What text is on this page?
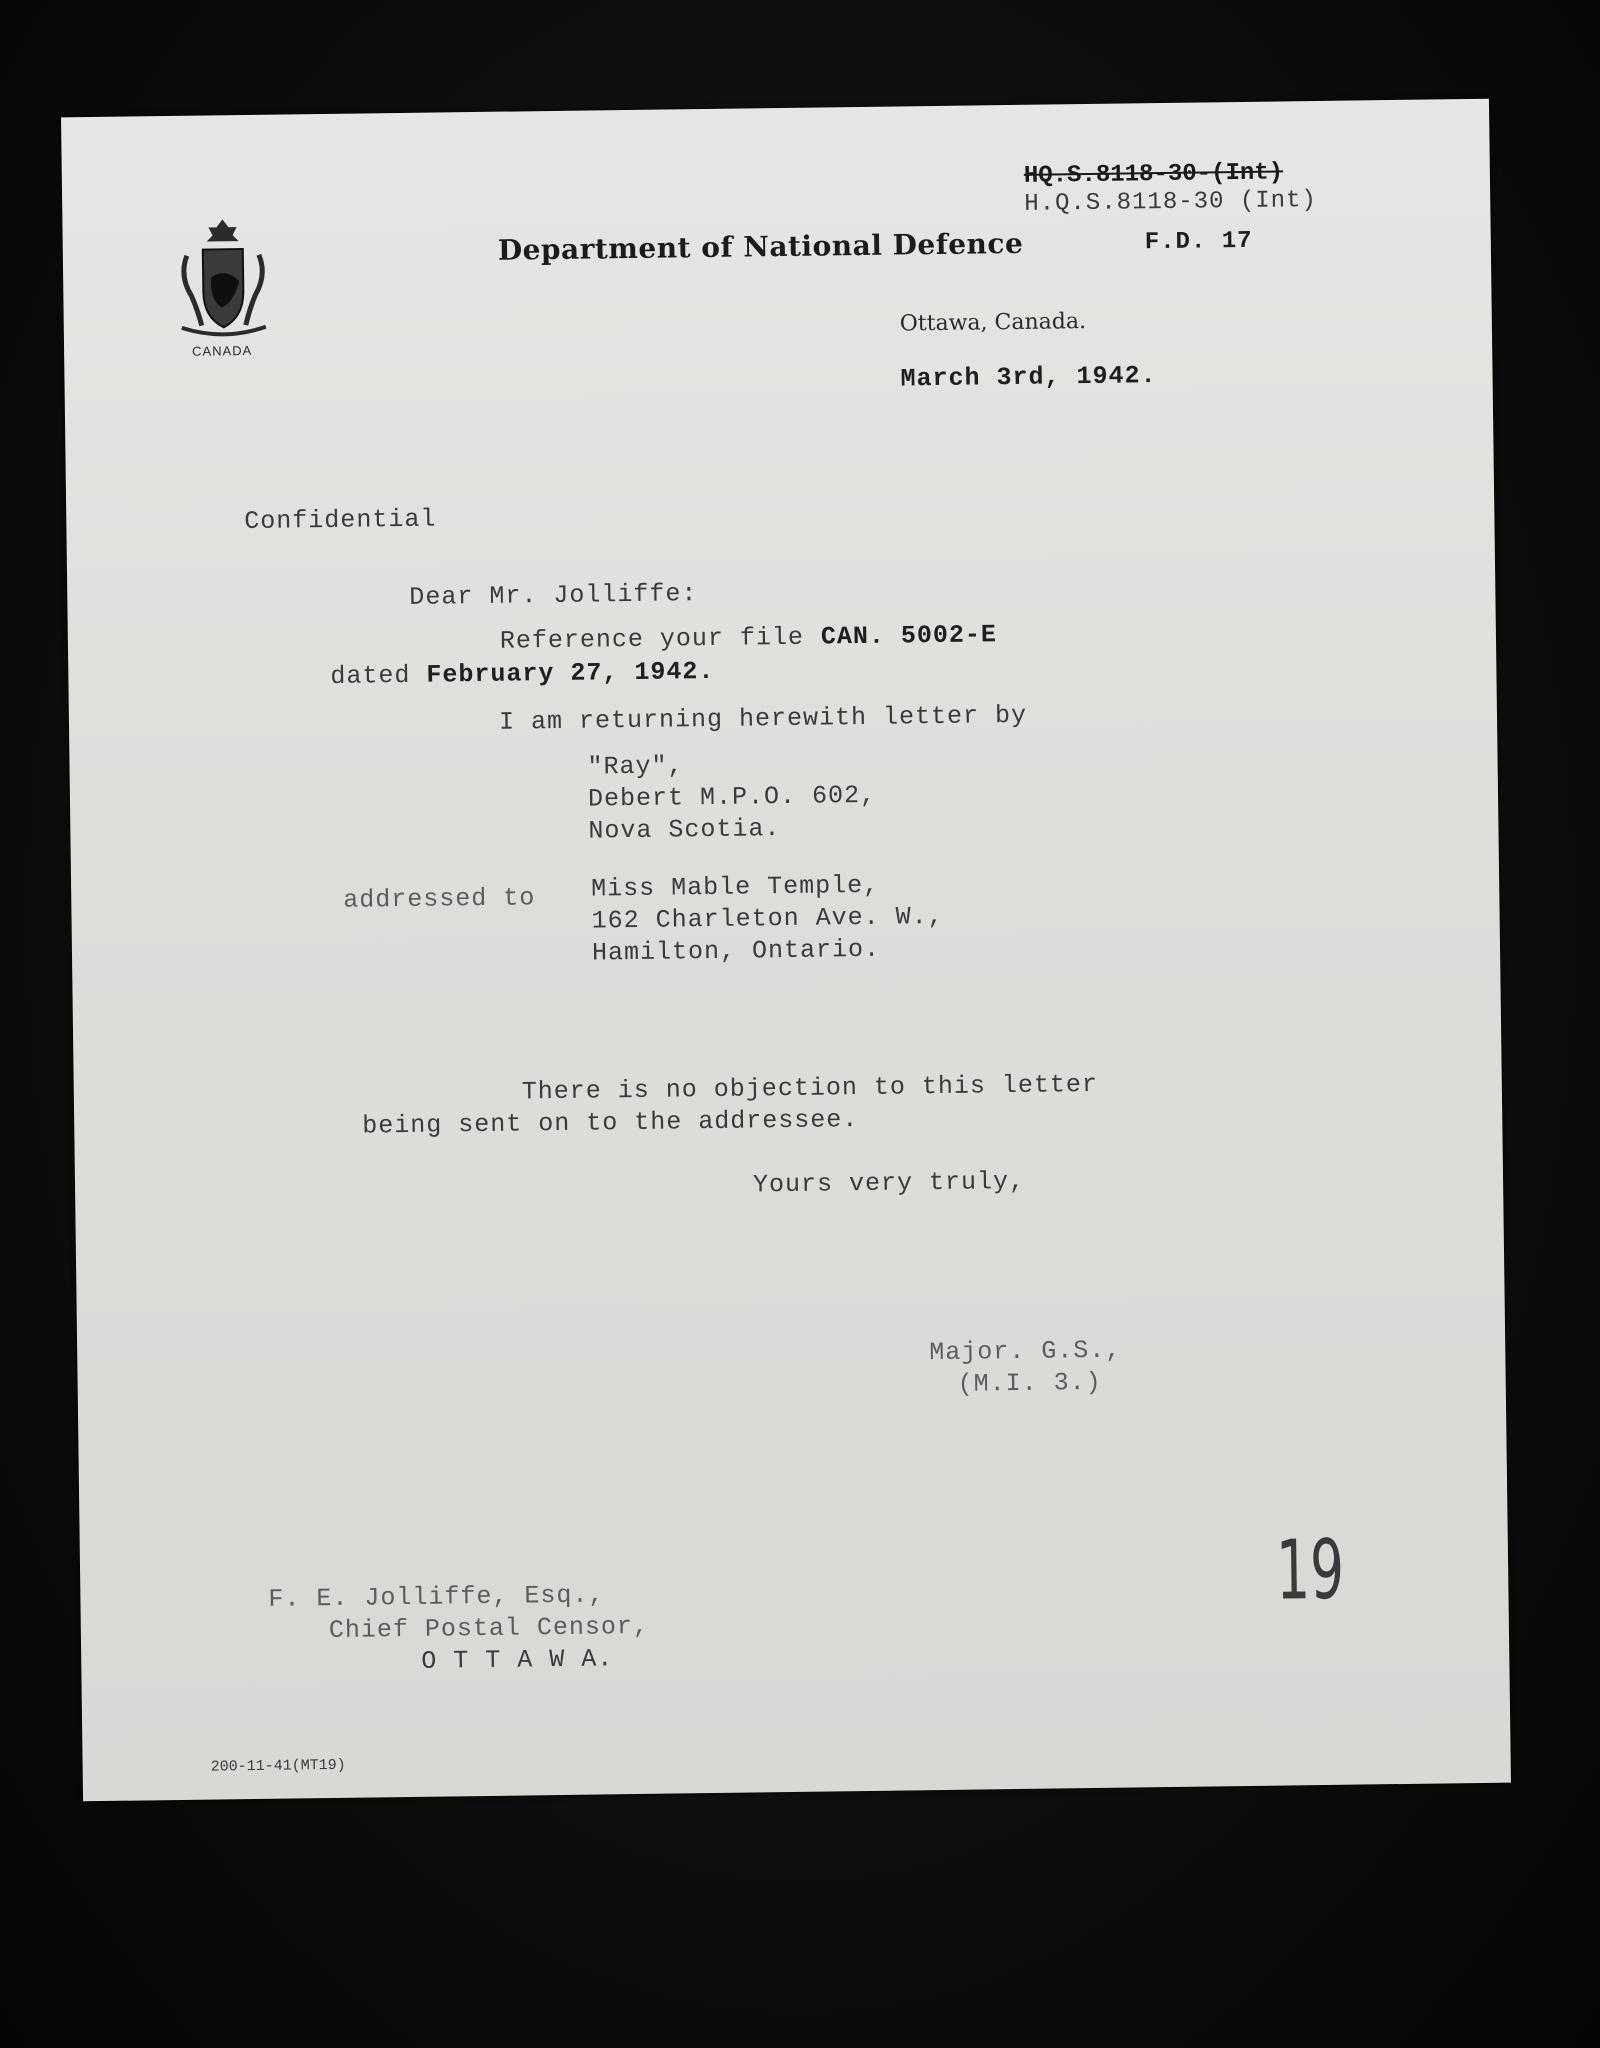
CANADA
HQ.S.8118-30-(Int)
H.Q.S.8118-30 (Int)
F.D. 17
Department of National Defence
Ottawa, Canada.
March 3rd, 1942.
Confidential
Dear Mr. Jolliffe:
Reference your file CAN. 5002-E
dated February 27, 1942.
I am returning herewith letter by
"Ray",
Debert M.P.O. 602,
Nova Scotia.
addressed to Miss Mable Temple,
162 Charleton Ave. W.,
Hamilton, Ontario.
There is no objection to this letter
being sent on to the addressee.
Yours very truly,
Major. G.S.,
(M.I. 3.)
19
F. E. Jolliffe, Esq.,
Chief Postal Censor,
O T T A W A.
200-11-41(MT19)
